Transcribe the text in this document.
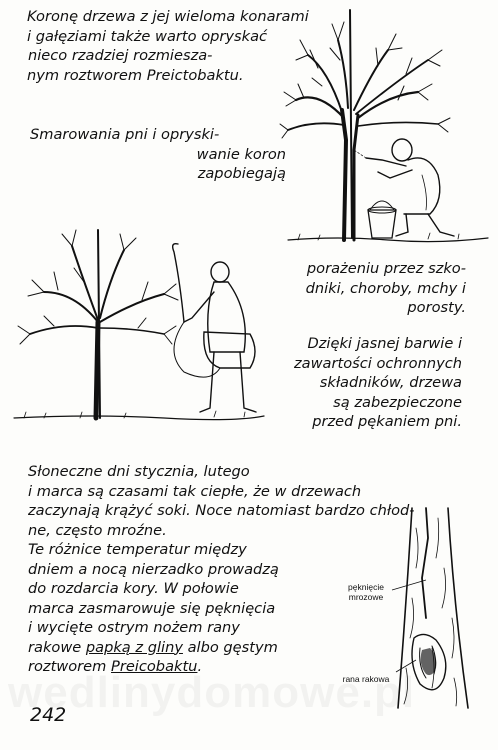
Koronę drzewa z jej wieloma konarami
i gałęziami także warto opryskać
nieco rzadziej rozmiesza-
nym roztworem Preictobaktu.
Smarowania pni i opryski-
wanie koron
zapobiegają
porażeniu przez szko-
dniki, choroby, mchy i
porosty.
Dzięki jasnej barwie i
zawartości ochronnych
składników, drzewa
są zabezpieczone
przed pękaniem pni.
Słoneczne dni stycznia, lutego
i marca są czasami tak ciepłe, że w drzewach
zaczynają krążyć soki. Noce natomiast bardzo chłod-
ne, często mroźne.
Te różnice temperatur między
dniem a nocą nierzadko prowadzą
do rozdarcia kory. W połowie
marca zasmarowuje się pęknięcia
i wycięte ostrym nożem rany
rakowe papką z gliny albo gęstym
roztworem Preicobaktu.
pęknięcie
mrozowe
rana rakowa
242
